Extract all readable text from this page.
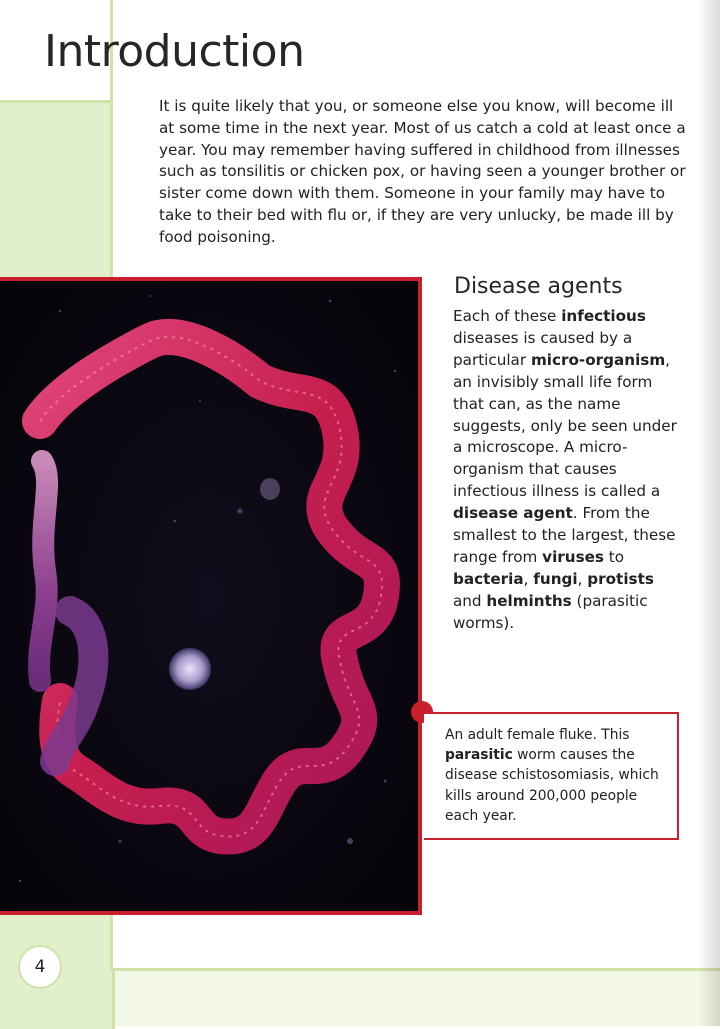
Introduction

It is quite likely that you, or someone else you know, will become ill at some time in the next year. Most of us catch a cold at least once a year. You may remember having suffered in childhood from illnesses such as tonsilitis or chicken pox, or having seen a younger brother or sister come down with them. Someone in your family may have to take to their bed with flu or, if they are very unlucky, be made ill by food poisoning.

Disease agents

Each of these infectious diseases is caused by a particular micro-organism, an invisibly small life form that can, as the name suggests, only be seen under a microscope. A micro-organism that causes infectious illness is called a disease agent. From the smallest to the largest, these range from viruses to bacteria, fungi, protists and helminths (parasitic worms).

An adult female fluke. This parasitic worm causes the disease schistosomiasis, which kills around 200,000 people each year.

4
